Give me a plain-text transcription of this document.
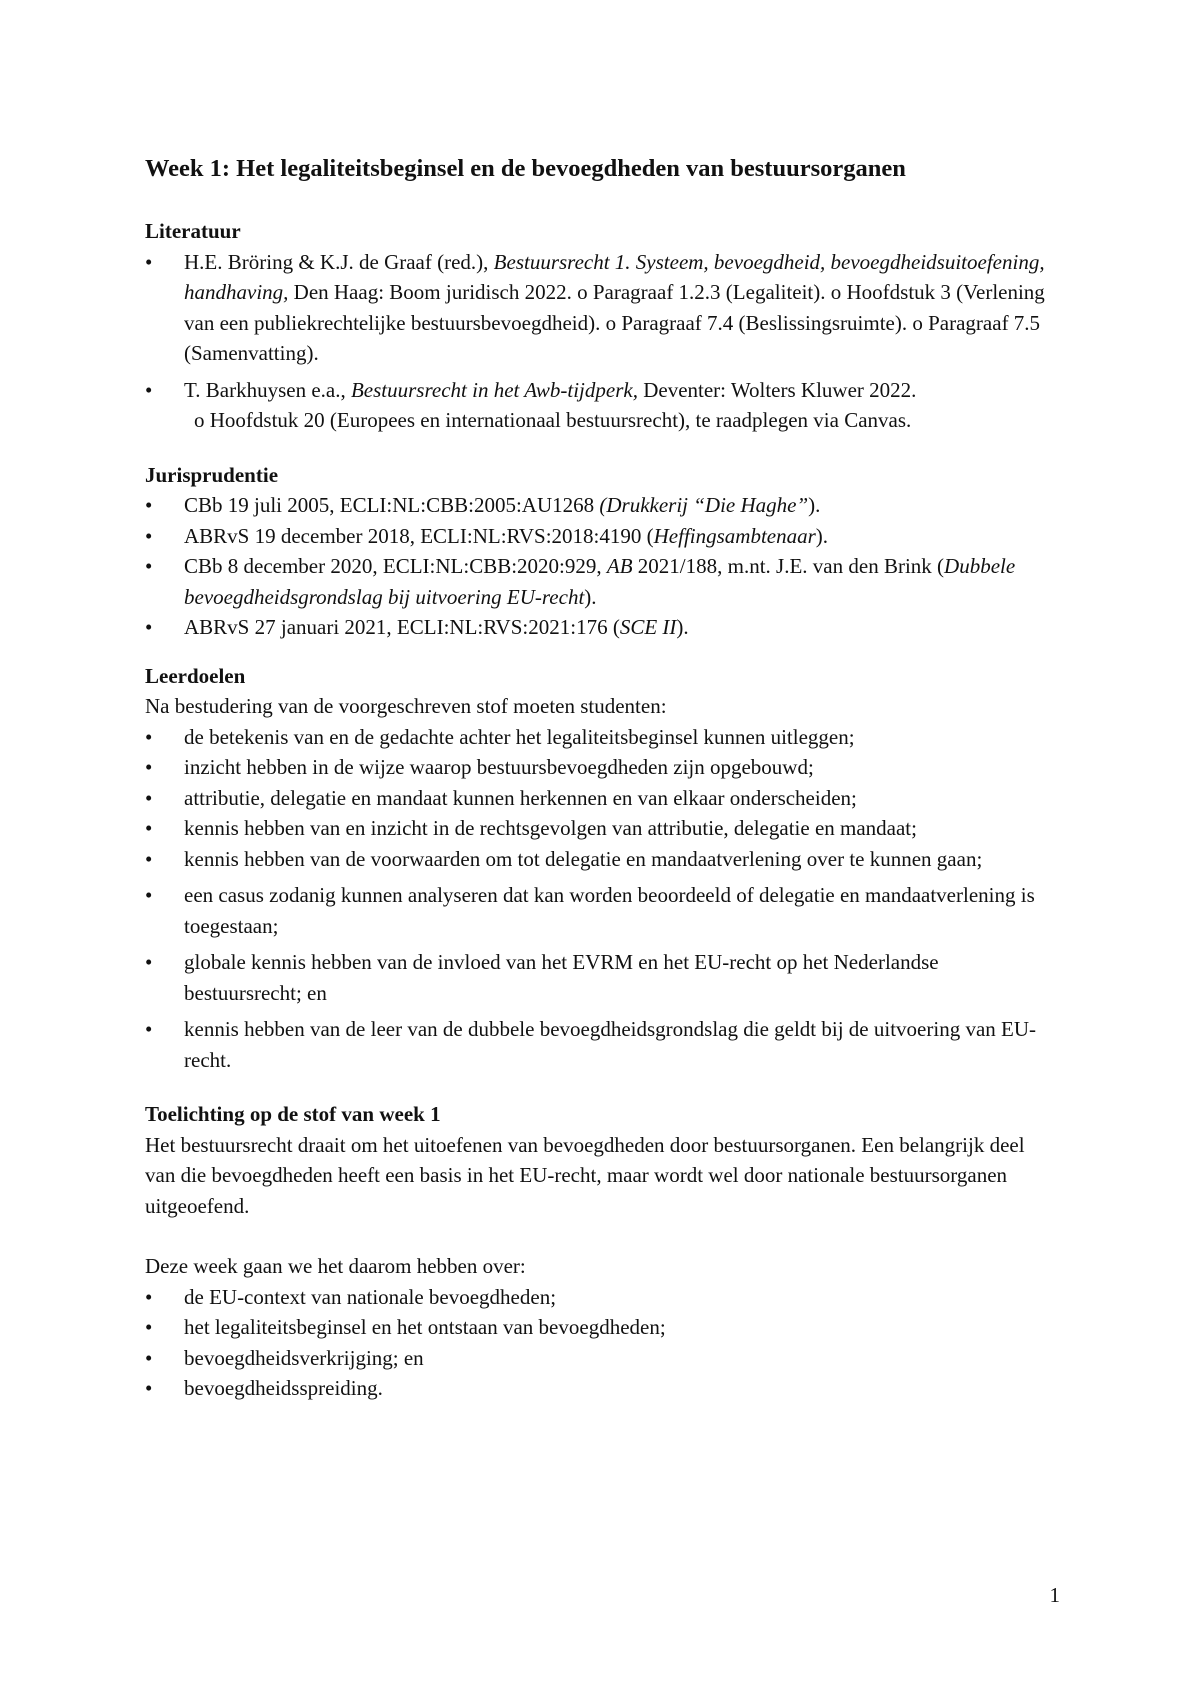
Week 1: Het legaliteitsbeginsel en de bevoegdheden van bestuursorganen
Literatuur
• H.E. Bröring & K.J. de Graaf (red.), Bestuursrecht 1. Systeem, bevoegdheid, bevoegdheidsuitoefening, handhaving, Den Haag: Boom juridisch 2022. o Paragraaf 1.2.3 (Legaliteit). o Hoofdstuk 3 (Verlening van een publiekrechtelijke bestuursbevoegdheid). o Paragraaf 7.4 (Beslissingsruimte). o Paragraaf 7.5 (Samenvatting).
• T. Barkhuysen e.a., Bestuursrecht in het Awb-tijdperk, Deventer: Wolters Kluwer 2022.
o Hoofdstuk 20 (Europees en internationaal bestuursrecht), te raadplegen via Canvas.
Jurisprudentie
• CBb 19 juli 2005, ECLI:NL:CBB:2005:AU1268 (Drukkerij “Die Haghe”).
• ABRvS 19 december 2018, ECLI:NL:RVS:2018:4190 (Heffingsambtenaar).
• CBb 8 december 2020, ECLI:NL:CBB:2020:929, AB 2021/188, m.nt. J.E. van den Brink (Dubbele bevoegdheidsgrondslag bij uitvoering EU-recht).
• ABRvS 27 januari 2021, ECLI:NL:RVS:2021:176 (SCE II).
Leerdoelen

Na bestudering van de voorgeschreven stof moeten studenten:

• de betekenis van en de gedachte achter het legaliteitsbeginsel kunnen uitleggen;
• inzicht hebben in de wijze waarop bestuursbevoegdheden zijn opgebouwd;
• attributie, delegatie en mandaat kunnen herkennen en van elkaar onderscheiden;
• kennis hebben van en inzicht in de rechtsgevolgen van attributie, delegatie en mandaat;
• kennis hebben van de voorwaarden om tot delegatie en mandaatverlening over te kunnen gaan;
• een casus zodanig kunnen analyseren dat kan worden beoordeeld of delegatie en mandaatverlening is toegestaan;
• globale kennis hebben van de invloed van het EVRM en het EU-recht op het Nederlandse bestuursrecht; en
• kennis hebben van de leer van de dubbele bevoegdheidsgrondslag die geldt bij de uitvoering van EU-recht.
Toelichting op de stof van week 1

Het bestuursrecht draait om het uitoefenen van bevoegdheden door bestuursorganen. Een belangrijk deel van die bevoegdheden heeft een basis in het EU-recht, maar wordt wel door nationale bestuursorganen uitgeoefend.

Deze week gaan we het daarom hebben over:

• de EU-context van nationale bevoegdheden;
• het legaliteitsbeginsel en het ontstaan van bevoegdheden;
• bevoegdheidsverkrijging; en
• bevoegdheidsspreiding.
1
